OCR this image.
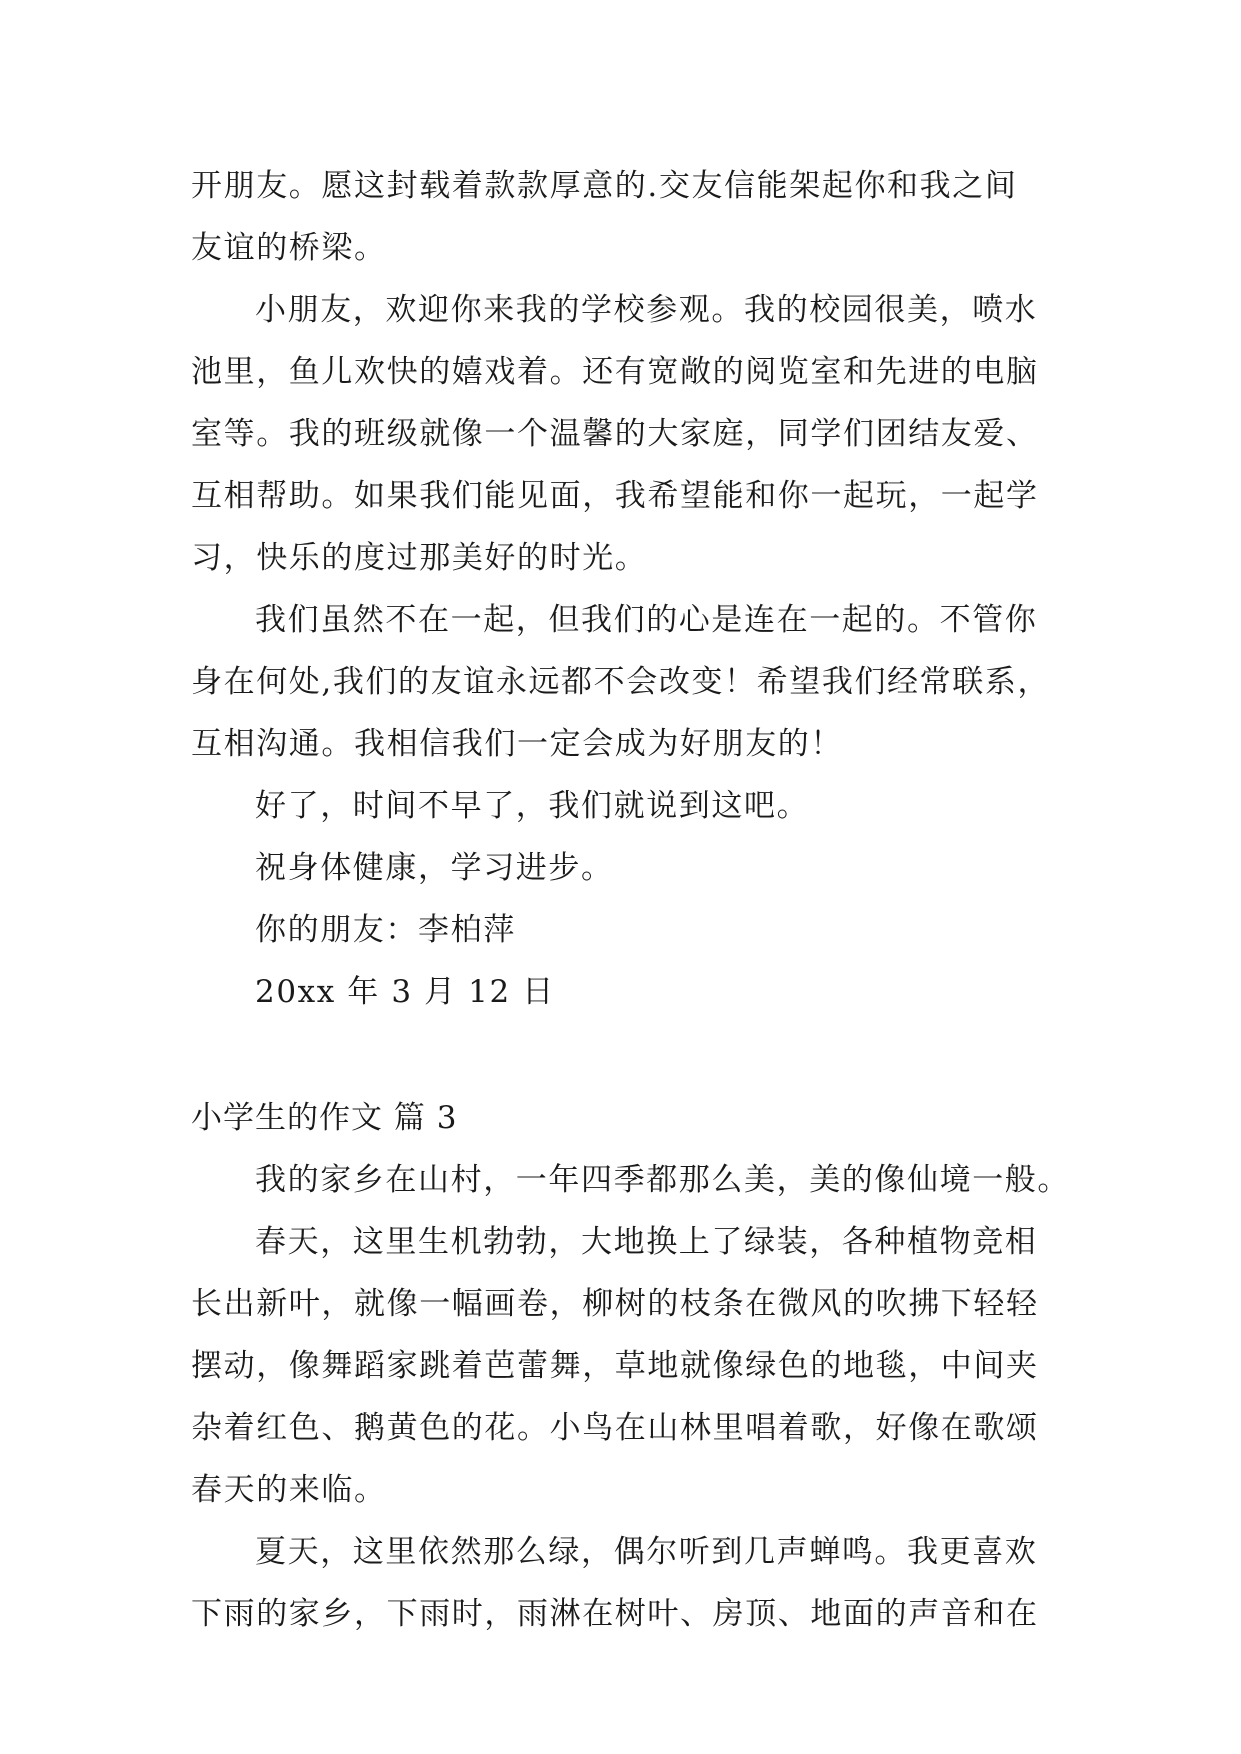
开朋友。愿这封载着款款厚意的.交友信能架起你和我之间
友谊的桥梁。
小朋友，欢迎你来我的学校参观。我的校园很美，喷水
池里，鱼儿欢快的嬉戏着。还有宽敞的阅览室和先进的电脑
室等。我的班级就像一个温馨的大家庭，同学们团结友爱、
互相帮助。如果我们能见面，我希望能和你一起玩，一起学
习，快乐的度过那美好的时光。
我们虽然不在一起，但我们的心是连在一起的。不管你
身在何处,我们的友谊永远都不会改变！希望我们经常联系，
互相沟通。我相信我们一定会成为好朋友的！
好了，时间不早了，我们就说到这吧。
祝身体健康，学习进步。
你的朋友：李柏萍
20xx 年 3 月 12 日
小学生的作文 篇 3
我的家乡在山村，一年四季都那么美，美的像仙境一般。
春天，这里生机勃勃，大地换上了绿装，各种植物竞相
长出新叶，就像一幅画卷，柳树的枝条在微风的吹拂下轻轻
摆动，像舞蹈家跳着芭蕾舞，草地就像绿色的地毯，中间夹
杂着红色、鹅黄色的花。小鸟在山林里唱着歌，好像在歌颂
春天的来临。
夏天，这里依然那么绿，偶尔听到几声蝉鸣。我更喜欢
下雨的家乡，下雨时，雨淋在树叶、房顶、地面的声音和在
